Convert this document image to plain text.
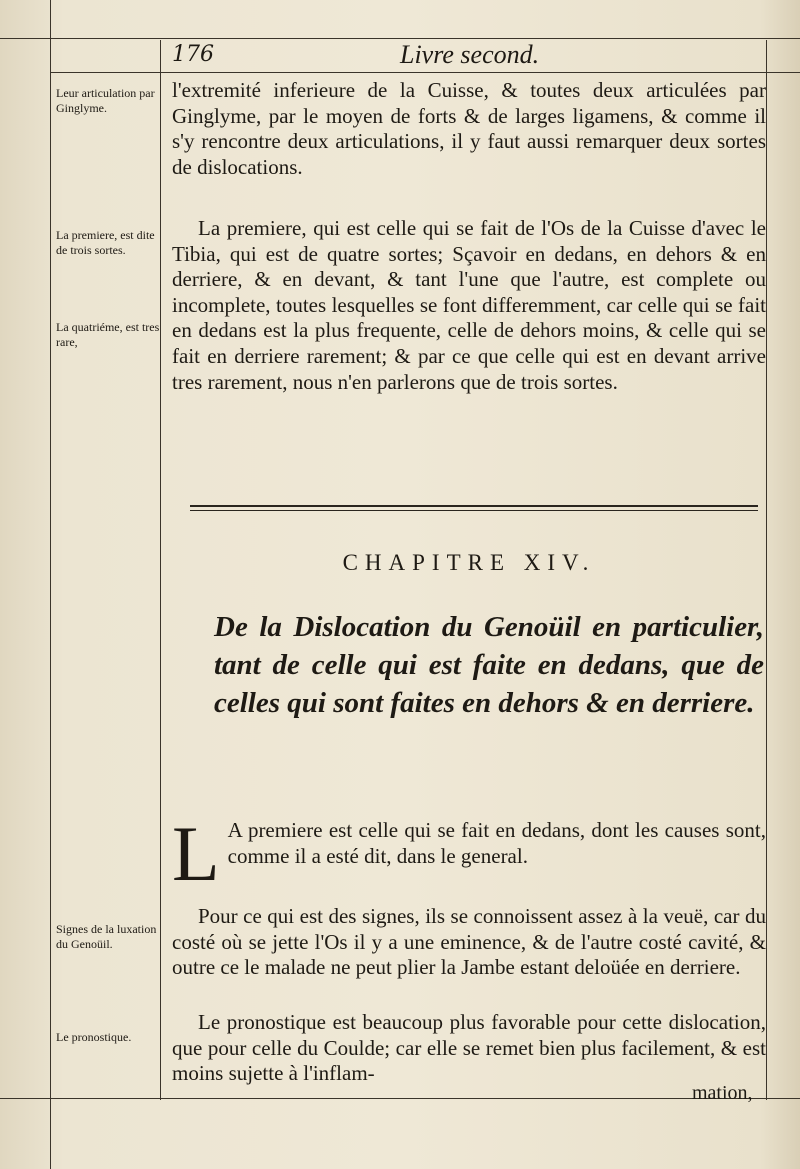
176	Livre second.
Leur articulation par Ginglyme.
La premiere, est dite de trois sortes.
La quatriéme, est tres rare,
Signes de la luxation du Genoüil.
Le pronostique.
l'extremité inferieure de la Cuisse, & toutes deux articulées par Ginglyme, par le moyen de forts & de larges ligamens, & comme il s'y rencontre deux articulations, il y faut aussi remarquer deux sortes de dislocations.
La premiere, qui est celle qui se fait de l'Os de la Cuisse d'avec le Tibia, qui est de quatre sortes; Sçavoir en dedans, en dehors & en derriere, & en devant, & tant l'une que l'autre, est complete ou incomplete, toutes lesquelles se font differemment, car celle qui se fait en dedans est la plus frequente, celle de dehors moins, & celle qui se fait en derriere rarement; & par ce que celle qui est en devant arrive tres rarement, nous n'en parlerons que de trois sortes.
CHAPITRE XIV.
De la Dislocation du Genoüil en particulier, tant de celle qui est faite en dedans, que de celles qui sont faites en dehors & en derriere.
L A premiere est celle qui se fait en dedans, dont les causes sont, comme il a esté dit, dans le general.
Pour ce qui est des signes, ils se connoissent assez à la veuë, car du costé où se jette l'Os il y a une eminence, & de l'autre costé cavité, & outre ce le malade ne peut plier la Jambe estant deloüée en derriere.
Le pronostique est beaucoup plus favorable pour cette dislocation, que pour celle du Coulde; car elle se remet bien plus facilement, & est moins sujette à l'inflam-
mation,
